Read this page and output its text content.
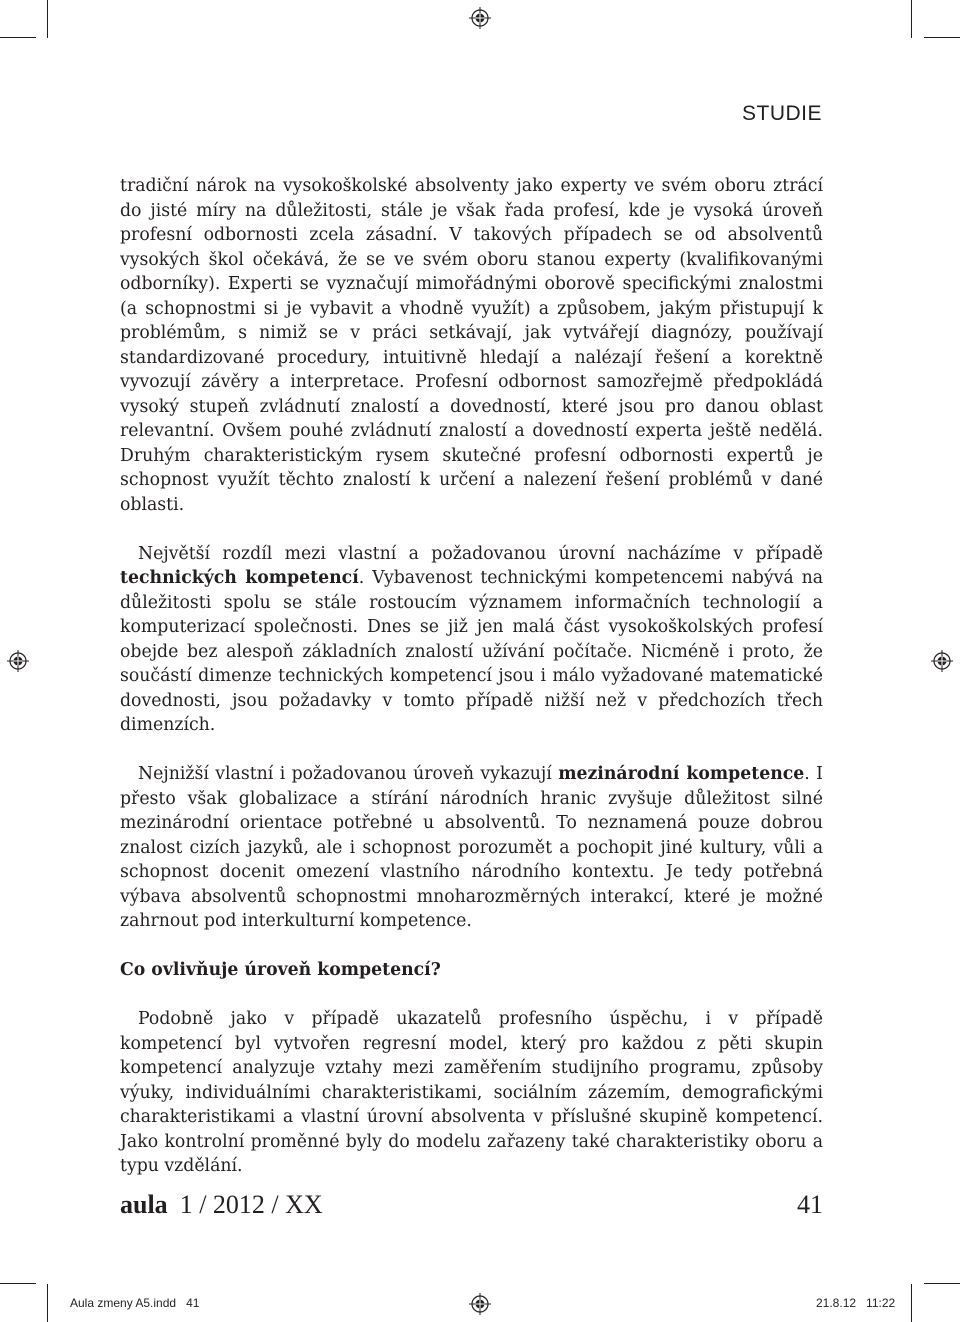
STUDIE

tradiční nárok na vysokoškolské absolventy jako experty ve svém oboru ztrácí do jisté míry na důležitosti, stále je však řada profesí, kde je vysoká úroveň profesní odbornosti zcela zásadní. V takových případech se od absolventů vysokých škol očekává, že se ve svém oboru stanou experty (kvalifikovanými odborníky). Experti se vyznačují mimořádnými oborově specifickými znalostmi (a schopnostmi si je vybavit a vhodně využít) a způsobem, jakým přistupují k problémům, s nimiž se v práci setkávají, jak vytvářejí diagnózy, používají standardizované procedury, intuitivně hledají a nalézají řešení a korektně vyvozují závěry a interpretace. Profesní odbornost samozřejmě předpokládá vysoký stupeň zvládnutí znalostí a dovedností, které jsou pro danou oblast relevantní. Ovšem pouhé zvládnutí znalostí a dovedností experta ještě nedělá. Druhým charakteristickým rysem skutečné profesní odbornosti expertů je schopnost využít těchto znalostí k určení a nalezení řešení problémů v dané oblasti.

Největší rozdíl mezi vlastní a požadovanou úrovní nacházíme v případě technických kompetencí. Vybavenost technickými kompetencemi nabývá na důležitosti spolu se stále rostoucím významem informačních technologií a komputerizací společnosti. Dnes se již jen malá část vysokoškolských profesí obejde bez alespoň základních znalostí užívání počítače. Nicméně i proto, že součástí dimenze technických kompetencí jsou i málo vyžadované matematické dovednosti, jsou požadavky v tomto případě nižší než v předchozích třech dimenzích.

Nejnižší vlastní i požadovanou úroveň vykazují mezinárodní kompetence. I přesto však globalizace a stírání národních hranic zvyšuje důležitost silné mezinárodní orientace potřebné u absolventů. To neznamená pouze dobrou znalost cizích jazyků, ale i schopnost porozumět a pochopit jiné kultury, vůli a schopnost docenit omezení vlastního národního kontextu. Je tedy potřebná výbava absolventů schopnostmi mnoharozměrných interakcí, které je možné zahrnout pod interkulturní kompetence.

Co ovlivňuje úroveň kompetencí?

Podobně jako v případě ukazatelů profesního úspěchu, i v případě kompetencí byl vytvořen regresní model, který pro každou z pěti skupin kompetencí analyzuje vztahy mezi zaměřením studijního programu, způsoby výuky, individuálními charakteristikami, sociálním zázemím, demografickými charakteristikami a vlastní úrovní absolventa v příslušné skupině kompetencí. Jako kontrolní proměnné byly do modelu zařazeny také charakteristiky oboru a typu vzdělání.

aula 1 / 2012 / XX	41
Aula zmeny A5.indd   41	21.8.12   11:22
